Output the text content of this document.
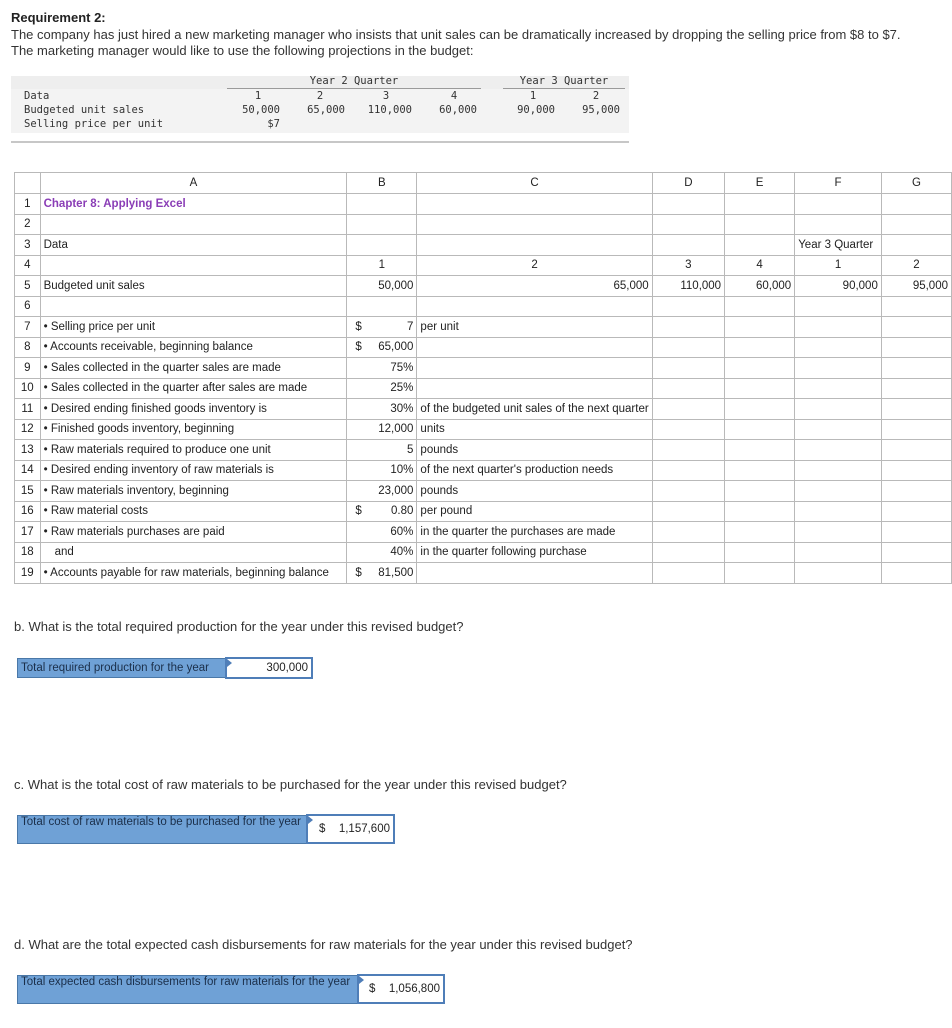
Requirement 2:
The company has just hired a new marketing manager who insists that unit sales can be dramatically increased by dropping the selling price from $8 to $7. The marketing manager would like to use the following projections in the budget:
Year 2 Quarter	Year 3 Quarter
Data	1	2	3	4	1	2
Budgeted unit sales	50,000	65,000	110,000	60,000	90,000	95,000
Selling price per unit	$7
	A	B	C	D	E	F	G
1	Chapter 8: Applying Excel						
2							
3	Data					Year 3 Quarter	
4		1	2	3	4	1	2
5	Budgeted unit sales	50,000	65,000	110,000	60,000	90,000	95,000
6							
7	• Selling price per unit	$ 7	per unit				
8	• Accounts receivable, beginning balance	$ 65,000					
9	• Sales collected in the quarter sales are made	75%					
10	• Sales collected in the quarter after sales are made	25%					
11	• Desired ending finished goods inventory is	30%	of the budgeted unit sales of the next quarter				
12	• Finished goods inventory, beginning	12,000	units				
13	• Raw materials required to produce one unit	5	pounds				
14	• Desired ending inventory of raw materials is	10%	of the next quarter's production needs				
15	• Raw materials inventory, beginning	23,000	pounds				
16	• Raw material costs	$ 0.80	per pound				
17	• Raw materials purchases are paid	60%	in the quarter the purchases are made				
18	and	40%	in the quarter following purchase				
19	• Accounts payable for raw materials, beginning balance	$ 81,500					
b. What is the total required production for the year under this revised budget?
Total required production for the year	300,000
c. What is the total cost of raw materials to be purchased for the year under this revised budget?
Total cost of raw materials to be purchased for the year
$ 1,157,600
d. What are the total expected cash disbursements for raw materials for the year under this revised budget?
Total expected cash disbursements for raw materials for the year
$ 1,056,800
